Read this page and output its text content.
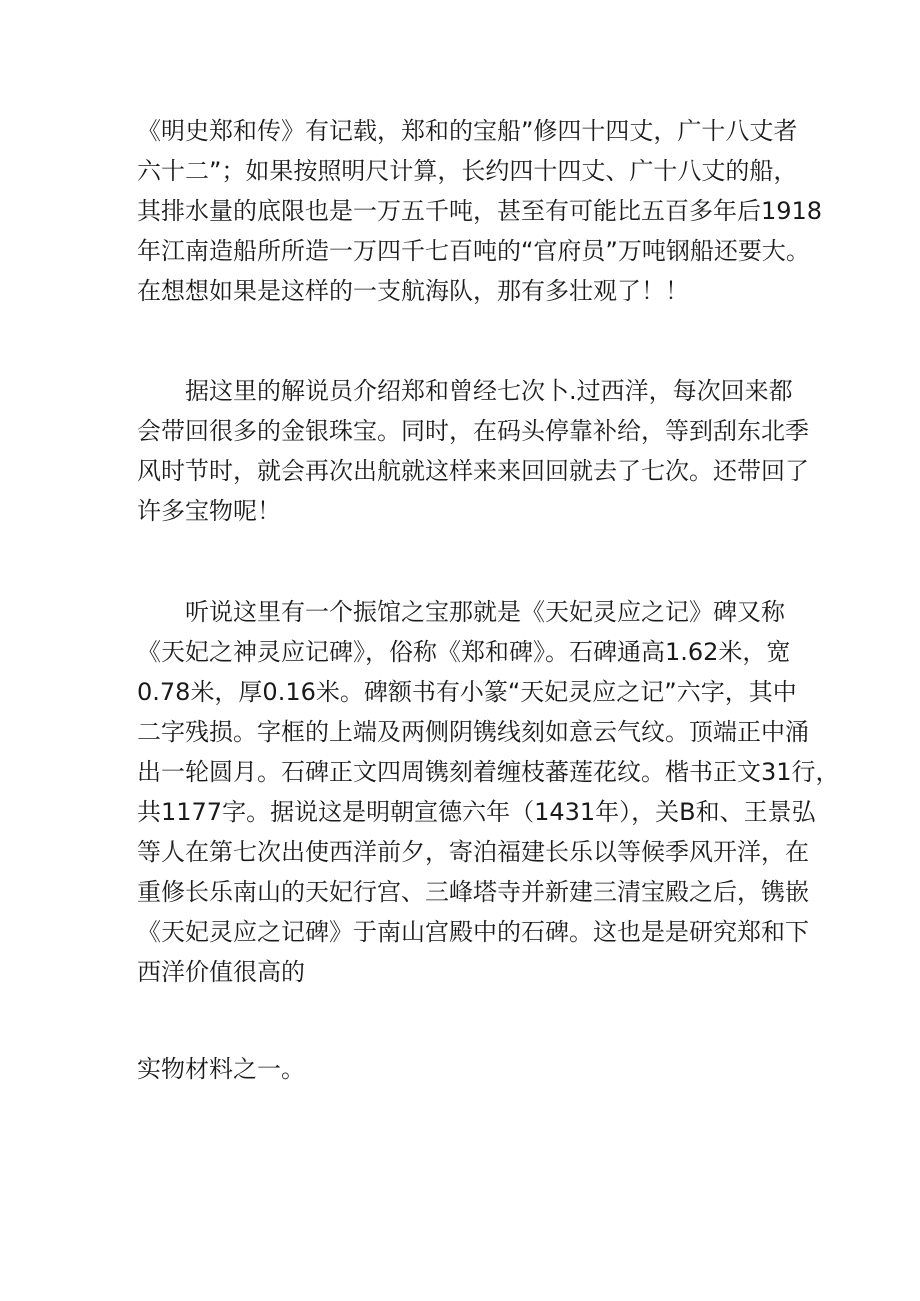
《明史郑和传》有记载，郑和的宝船”修四十四丈，广十八丈者
六十二”；如果按照明尺计算，长约四十四丈、广十八丈的船，
其排水量的底限也是一万五千吨，甚至有可能比五百多年后1918
年江南造船所所造一万四千七百吨的“官府员”万吨钢船还要大。
在想想如果是这样的一支航海队，那有多壮观了！！
　　据这里的解说员介绍郑和曾经七次卜.过西洋，每次回来都
会带回很多的金银珠宝。同时，在码头停靠补给，等到刮东北季
风时节时，就会再次出航就这样来来回回就去了七次。还带回了
许多宝物呢！
　　听说这里有一个振馆之宝那就是《天妃灵应之记》碑又称
《天妃之神灵应记碑》，俗称《郑和碑》。石碑通高1.62米，宽
0.78米，厚0.16米。碑额书有小篆“天妃灵应之记”六字，其中
二字残损。字框的上端及两侧阴镌线刻如意云气纹。顶端正中涌
出一轮圆月。石碑正文四周镌刻着缠枝蕃莲花纹。楷书正文31行，
共1177字。据说这是明朝宣德六年（1431年），关B和、王景弘
等人在第七次出使西洋前夕，寄泊福建长乐以等候季风开洋，在
重修长乐南山的天妃行宫、三峰塔寺并新建三清宝殿之后，镌嵌
《天妃灵应之记碑》于南山宫殿中的石碑。这也是是研究郑和下
西洋价值很高的
实物材料之一。
